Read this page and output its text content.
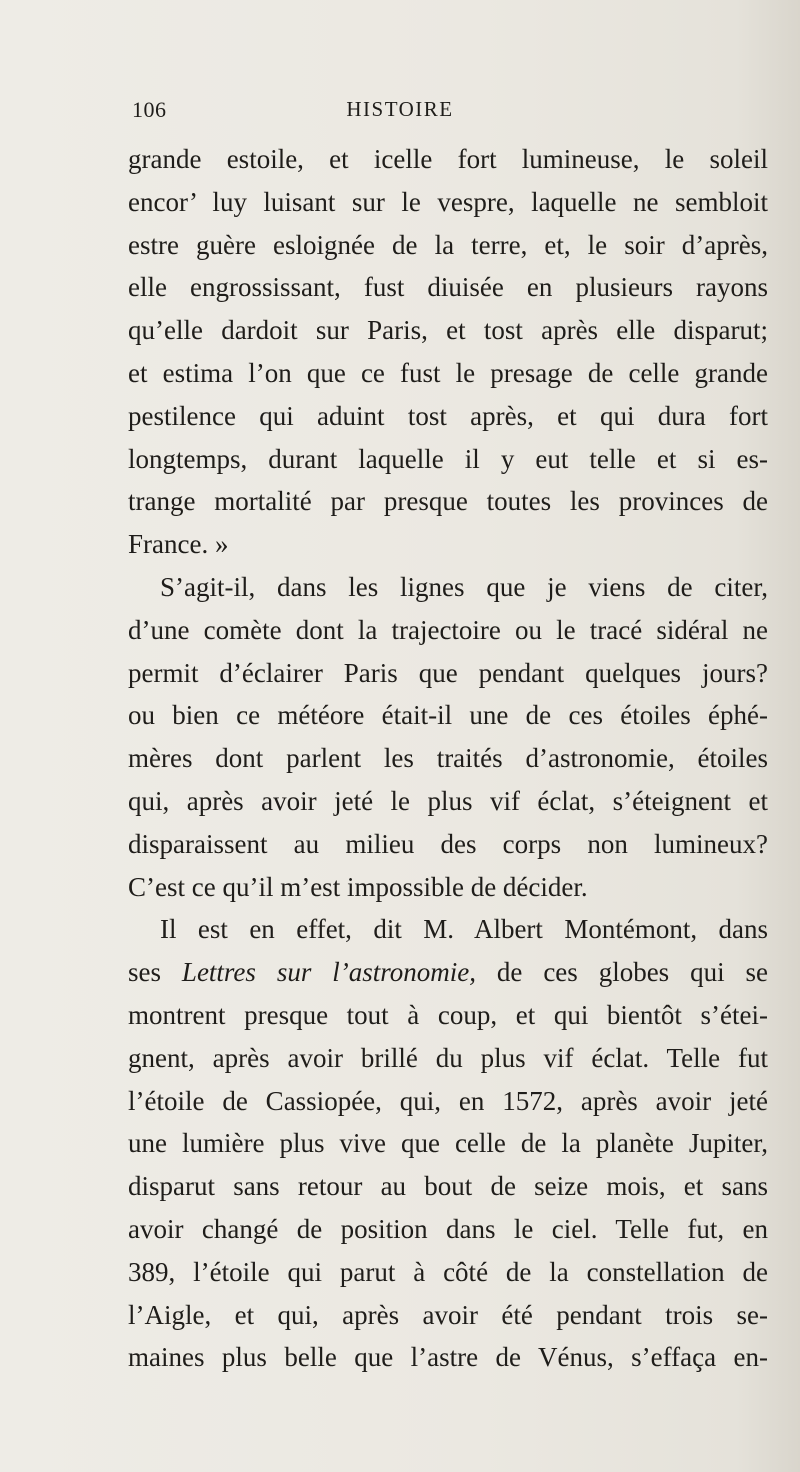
106	HISTOIRE
grande estoile, et icelle fort lumineuse, le soleil
encor’ luy luisant sur le vespre, laquelle ne sembloit
estre guère esloignée de la terre, et, le soir d’après,
elle engrossissant, fust diuisée en plusieurs rayons
qu’elle dardoit sur Paris, et tost après elle disparut;
et estima l’on que ce fust le presage de celle grande
pestilence qui aduint tost après, et qui dura fort
longtemps, durant laquelle il y eut telle et si es-
trange mortalité par presque toutes les provinces de
France. »
S’agit-il, dans les lignes que je viens de citer,
d’une comète dont la trajectoire ou le tracé sidéral ne
permit d’éclairer Paris que pendant quelques jours?
ou bien ce météore était-il une de ces étoiles éphé-
mères dont parlent les traités d’astronomie, étoiles
qui, après avoir jeté le plus vif éclat, s’éteignent et
disparaissent au milieu des corps non lumineux?
C’est ce qu’il m’est impossible de décider.
Il est en effet, dit M. Albert Montémont, dans
ses Lettres sur l’astronomie, de ces globes qui se
montrent presque tout à coup, et qui bientôt s’étei-
gnent, après avoir brillé du plus vif éclat. Telle fut
l’étoile de Cassiopée, qui, en 1572, après avoir jeté
une lumière plus vive que celle de la planète Jupiter,
disparut sans retour au bout de seize mois, et sans
avoir changé de position dans le ciel. Telle fut, en
389, l’étoile qui parut à côté de la constellation de
l’Aigle, et qui, après avoir été pendant trois se-
maines plus belle que l’astre de Vénus, s’effaça en-
